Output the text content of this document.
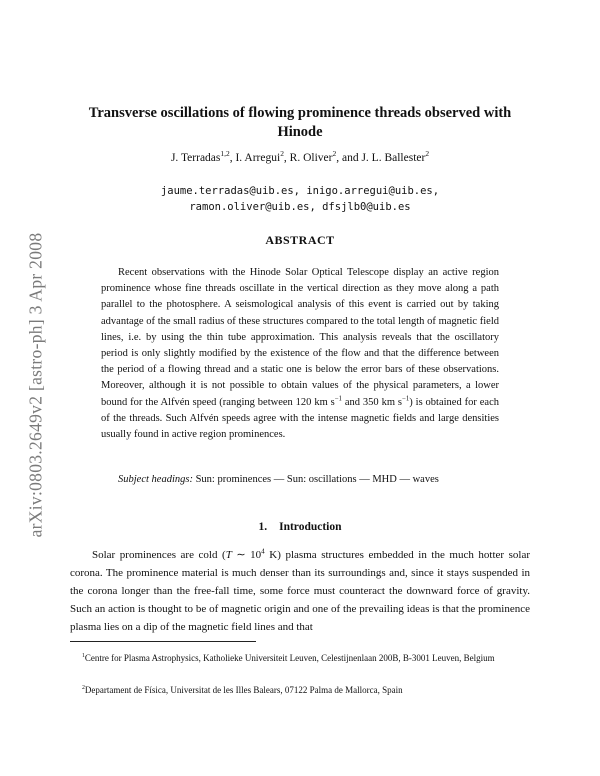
arXiv:0803.2649v2 [astro-ph] 3 Apr 2008
Transverse oscillations of flowing prominence threads observed with Hinode
J. Terradas$^{1,2}$, I. Arregui$^2$, R. Oliver$^2$, and J. L. Ballester$^2$
jaume.terradas@uib.es, inigo.arregui@uib.es,
ramon.oliver@uib.es, dfsjlb0@uib.es
ABSTRACT

Recent observations with the Hinode Solar Optical Telescope display an active region prominence whose fine threads oscillate in the vertical direction as they move along a path parallel to the photosphere. A seismological analysis of this event is carried out by taking advantage of the small radius of these structures compared to the total length of magnetic field lines, i.e. by using the thin tube approximation. This analysis reveals that the oscillatory period is only slightly modified by the existence of the flow and that the difference between the period of a flowing thread and a static one is below the error bars of these observations. Moreover, although it is not possible to obtain values of the physical parameters, a lower bound for the Alfvén speed (ranging between 120 km $s^{-1}$ and 350 km $s^{-1}$) is obtained for each of the threads. Such Alfvén speeds agree with the intense magnetic fields and large densities usually found in active region prominences.

Subject headings: Sun: prominences — Sun: oscillations — MHD — waves
1. Introduction

Solar prominences are cold (T ∼ $10^4$ K) plasma structures embedded in the much hotter solar corona. The prominence material is much denser than its surroundings and, since it stays suspended in the corona longer than the free-fall time, some force must counteract the downward force of gravity. Such an action is thought to be of magnetic origin and one of the prevailing ideas is that the prominence plasma lies on a dip of the magnetic field lines and that

$^1$Centre for Plasma Astrophysics, Katholieke Universiteit Leuven, Celestijnenlaan 200B, B-3001 Leuven, Belgium
$^2$Departament de Física, Universitat de les Illes Balears, 07122 Palma de Mallorca, Spain
